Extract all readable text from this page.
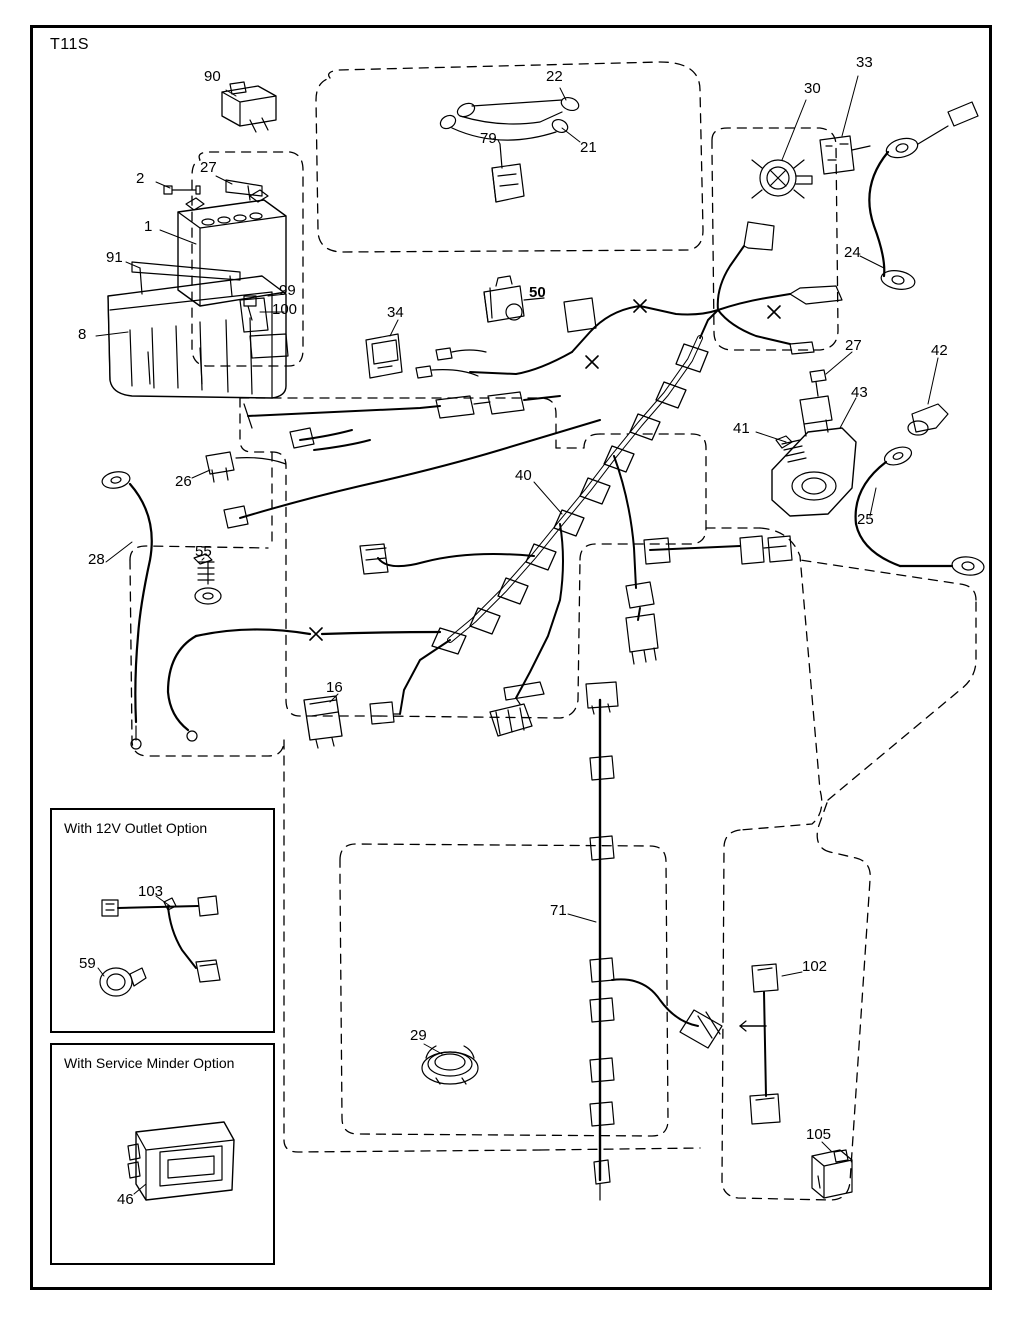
T11S
With 12V Outlet Option
With Service Minder Option
90	22
33
30
79
21
27
2
1
24
91
99
100
50
34
8
27	42
43
41
26	40
25
55
28
16
103
71
102
59
29
105
46
